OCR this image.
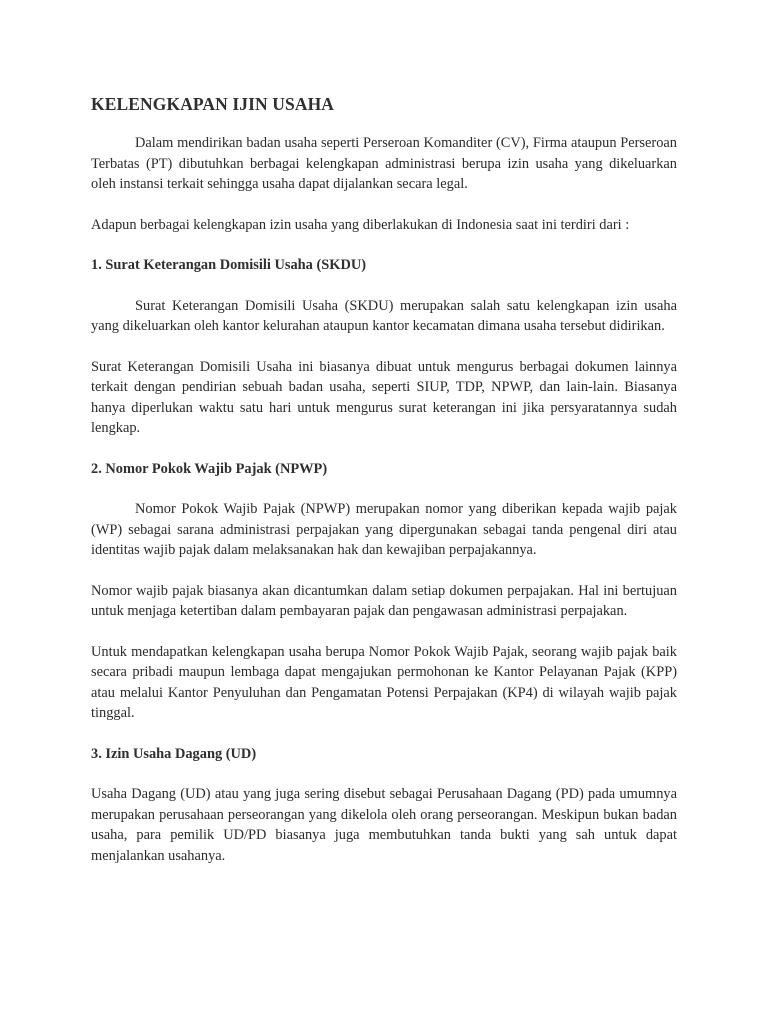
KELENGKAPAN IJIN USAHA

Dalam mendirikan badan usaha seperti Perseroan Komanditer (CV), Firma ataupun Perseroan Terbatas (PT) dibutuhkan berbagai kelengkapan administrasi berupa izin usaha yang dikeluarkan oleh instansi terkait sehingga usaha dapat dijalankan secara legal.

Adapun berbagai kelengkapan izin usaha yang diberlakukan di Indonesia saat ini terdiri dari :

1. Surat Keterangan Domisili Usaha (SKDU)

Surat Keterangan Domisili Usaha (SKDU) merupakan salah satu kelengkapan izin usaha yang dikeluarkan oleh kantor kelurahan ataupun kantor kecamatan dimana usaha tersebut didirikan.

Surat Keterangan Domisili Usaha ini biasanya dibuat untuk mengurus berbagai dokumen lainnya terkait dengan pendirian sebuah badan usaha, seperti SIUP, TDP, NPWP, dan lain-lain. Biasanya hanya diperlukan waktu satu hari untuk mengurus surat keterangan ini jika persyaratannya sudah lengkap.

2. Nomor Pokok Wajib Pajak (NPWP)

Nomor Pokok Wajib Pajak (NPWP) merupakan nomor yang diberikan kepada wajib pajak (WP) sebagai sarana administrasi perpajakan yang dipergunakan sebagai tanda pengenal diri atau identitas wajib pajak dalam melaksanakan hak dan kewajiban perpajakannya.

Nomor wajib pajak biasanya akan dicantumkan dalam setiap dokumen perpajakan. Hal ini bertujuan untuk menjaga ketertiban dalam pembayaran pajak dan pengawasan administrasi perpajakan.

Untuk mendapatkan kelengkapan usaha berupa Nomor Pokok Wajib Pajak, seorang wajib pajak baik secara pribadi maupun lembaga dapat mengajukan permohonan ke Kantor Pelayanan Pajak (KPP) atau melalui Kantor Penyuluhan dan Pengamatan Potensi Perpajakan (KP4) di wilayah wajib pajak tinggal.

3. Izin Usaha Dagang (UD)

Usaha Dagang (UD) atau yang juga sering disebut sebagai Perusahaan Dagang (PD) pada umumnya merupakan perusahaan perseorangan yang dikelola oleh orang perseorangan. Meskipun bukan badan usaha, para pemilik UD/PD biasanya juga membutuhkan tanda bukti yang sah untuk dapat menjalankan usahanya.
